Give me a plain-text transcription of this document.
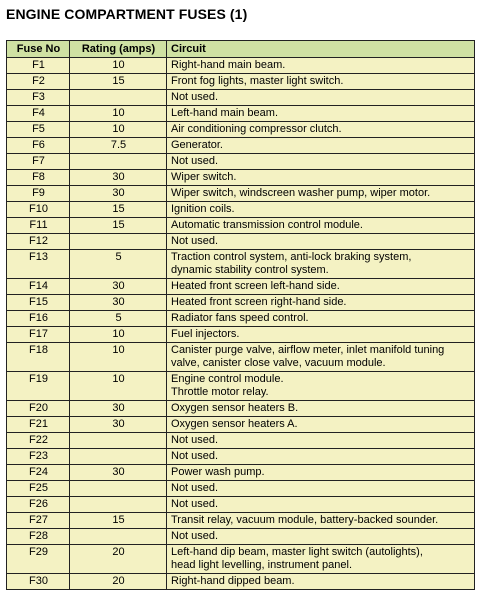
ENGINE COMPARTMENT FUSES (1)
Fuse No	Rating (amps)	Circuit
F1	10	Right-hand main beam.

F2	15	Front fog lights, master light switch.

F3		Not used.

F4	10	Left-hand main beam.

F5	10	Air conditioning compressor clutch.

F6	7.5	Generator.

F7		Not used.

F8	30	Wiper switch.

F9	30	Wiper switch, windscreen washer pump, wiper motor.

F10	15	Ignition coils.

F11	15	Automatic transmission control module.

F12		Not used.

F13	5	Traction control system, anti-lock braking system,
dynamic stability control system.

F14	30	Heated front screen left-hand side.

F15	30	Heated front screen right-hand side.

F16	5	Radiator fans speed control.

F17	10	Fuel injectors.

F18	10	Canister purge valve, airflow meter, inlet manifold tuning
valve, canister close valve, vacuum module.

F19	10	Engine control module.
Throttle motor relay.

F20	30	Oxygen sensor heaters B.

F21	30	Oxygen sensor heaters A.

F22		Not used.

F23		Not used.

F24	30	Power wash pump.

F25		Not used.

F26		Not used.

F27	15	Transit relay, vacuum module, battery-backed sounder.

F28		Not used.

F29	20	Left-hand dip beam, master light switch (autolights),
head light levelling, instrument panel.

F30	20	Right-hand dipped beam.
